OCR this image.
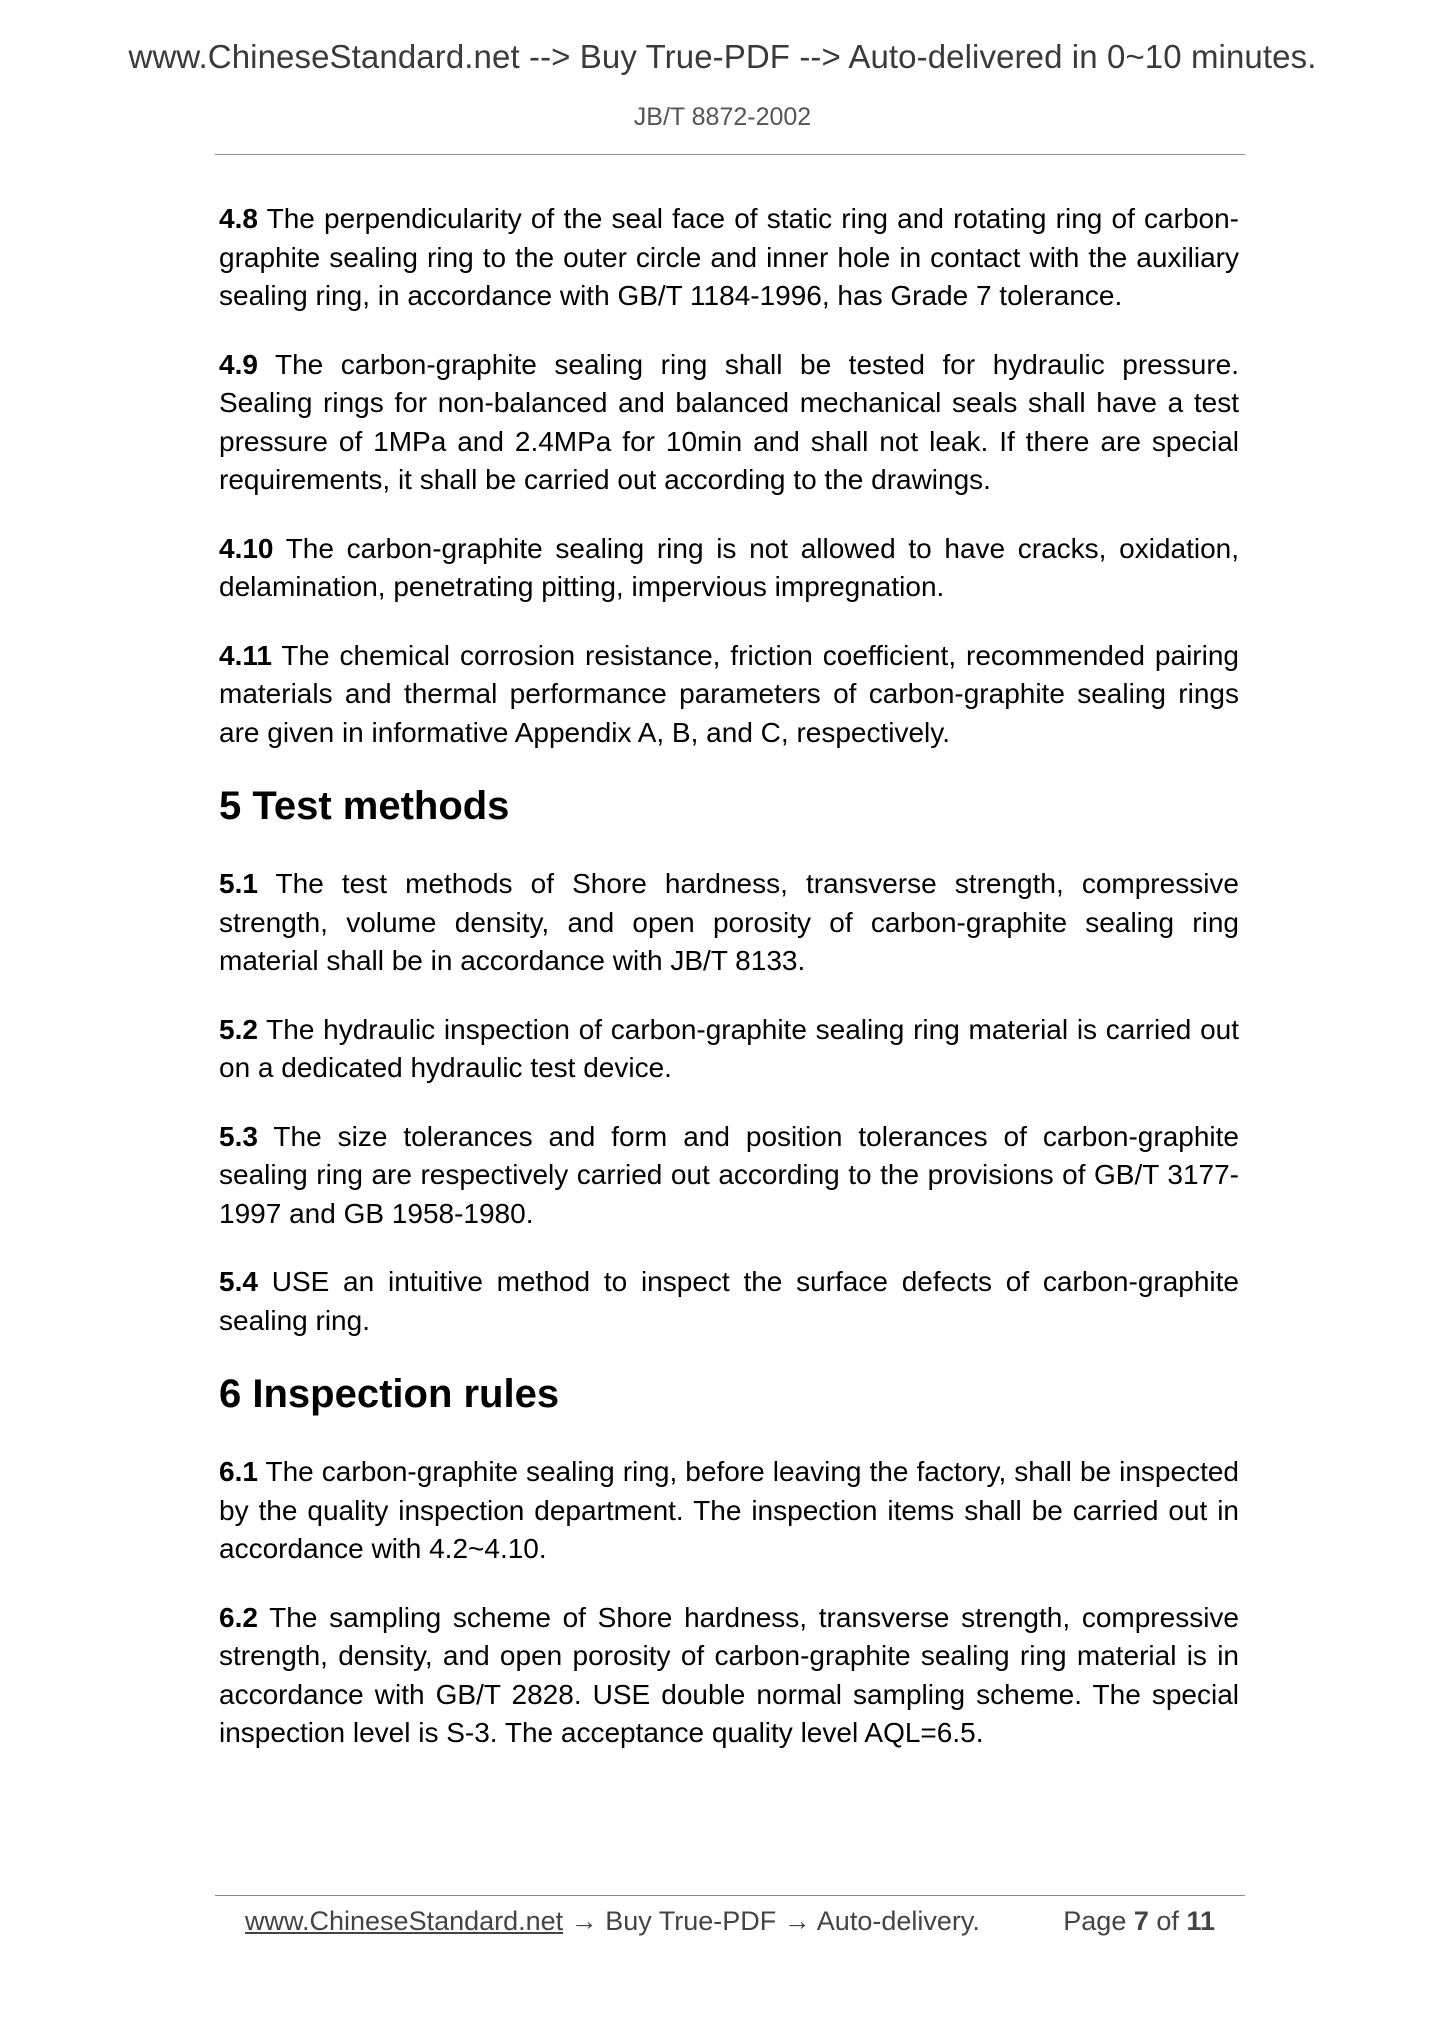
www.ChineseStandard.net --> Buy True-PDF --> Auto-delivered in 0~10 minutes.
JB/T 8872-2002

4.8 The perpendicularity of the seal face of static ring and rotating ring of carbon-graphite sealing ring to the outer circle and inner hole in contact with the auxiliary sealing ring, in accordance with GB/T 1184-1996, has Grade 7 tolerance.

4.9 The carbon-graphite sealing ring shall be tested for hydraulic pressure. Sealing rings for non-balanced and balanced mechanical seals shall have a test pressure of 1MPa and 2.4MPa for 10min and shall not leak. If there are special requirements, it shall be carried out according to the drawings.

4.10 The carbon-graphite sealing ring is not allowed to have cracks, oxidation, delamination, penetrating pitting, impervious impregnation.

4.11 The chemical corrosion resistance, friction coefficient, recommended pairing materials and thermal performance parameters of carbon-graphite sealing rings are given in informative Appendix A, B, and C, respectively.

5 Test methods

5.1 The test methods of Shore hardness, transverse strength, compressive strength, volume density, and open porosity of carbon-graphite sealing ring material shall be in accordance with JB/T 8133.

5.2 The hydraulic inspection of carbon-graphite sealing ring material is carried out on a dedicated hydraulic test device.

5.3 The size tolerances and form and position tolerances of carbon-graphite sealing ring are respectively carried out according to the provisions of GB/T 3177-1997 and GB 1958-1980.

5.4 USE an intuitive method to inspect the surface defects of carbon-graphite sealing ring.

6 Inspection rules

6.1 The carbon-graphite sealing ring, before leaving the factory, shall be inspected by the quality inspection department. The inspection items shall be carried out in accordance with 4.2~4.10.

6.2 The sampling scheme of Shore hardness, transverse strength, compressive strength, density, and open porosity of carbon-graphite sealing ring material is in accordance with GB/T 2828. USE double normal sampling scheme. The special inspection level is S-3. The acceptance quality level AQL=6.5.

www.ChineseStandard.net → Buy True-PDF → Auto-delivery.	Page 7 of 11
